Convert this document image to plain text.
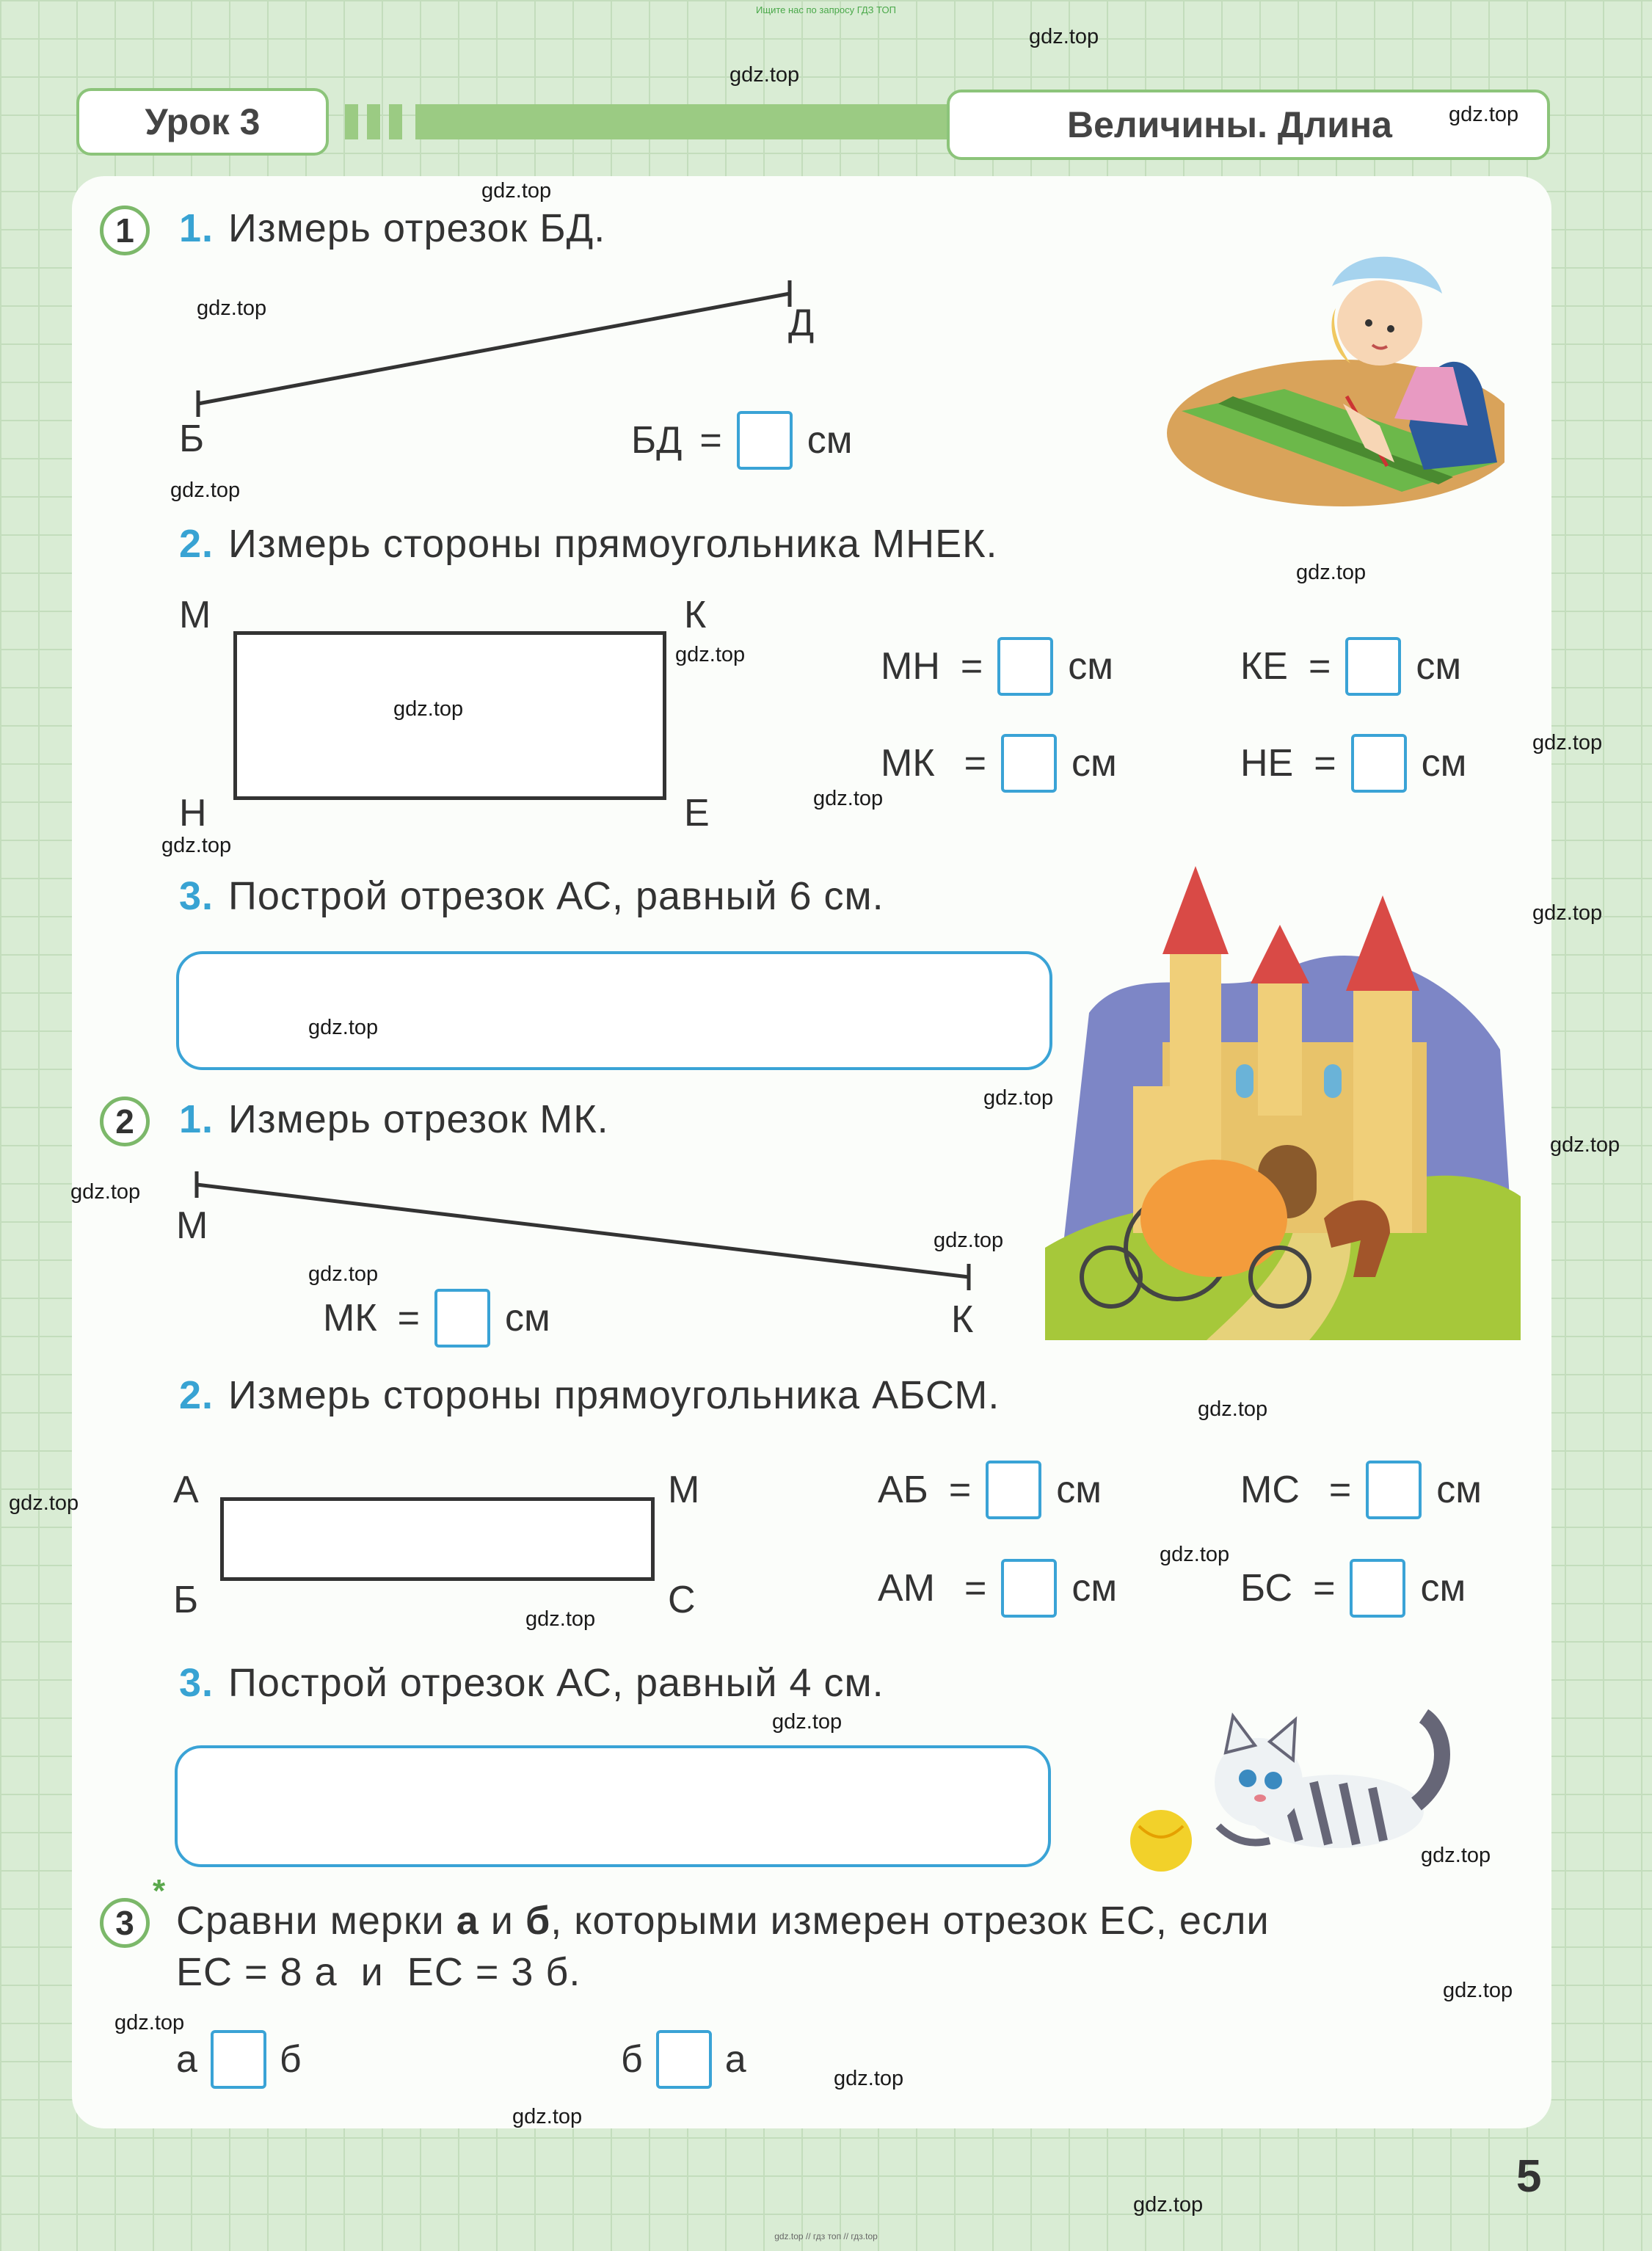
Ищите нас по запросу ГДЗ ТОП
Урок 3	Величины. Длина
1	1. Измерь отрезок БД.
Б
Д
БД = см
2. Измерь стороны прямоугольника МНЕК.
М	К
Н	Е
МН = см	КЕ = см
МК = см	НЕ = см
3. Построй отрезок АС, равный 6 см.
2	1. Измерь отрезок МК.
М
К
МК = см
2. Измерь стороны прямоугольника АБСМ.
А	М
Б	С
АБ = см	МС = см
АМ = см	БС = см
3. Построй отрезок АС, равный 4 см.
3
*
Сравни мерки а и б, которыми измерен отрезок ЕС, если
ЕС = 8 а  и  ЕС = 3 б.
а б	б а
5
gdz.top
gdz.top
gdz.top
gdz.top
gdz.top
gdz.top
gdz.top
gdz.top
gdz.top
gdz.top
gdz.top
gdz.top
gdz.top
gdz.top
gdz.top
gdz.top
gdz.top
gdz.top
gdz.top
gdz.top
gdz.top
gdz.top
gdz.top
gdz.top
gdz.top
gdz.top
gdz.top
gdz.top
gdz.top
gdz.top
gdz.top // гдз топ // гдз.top
